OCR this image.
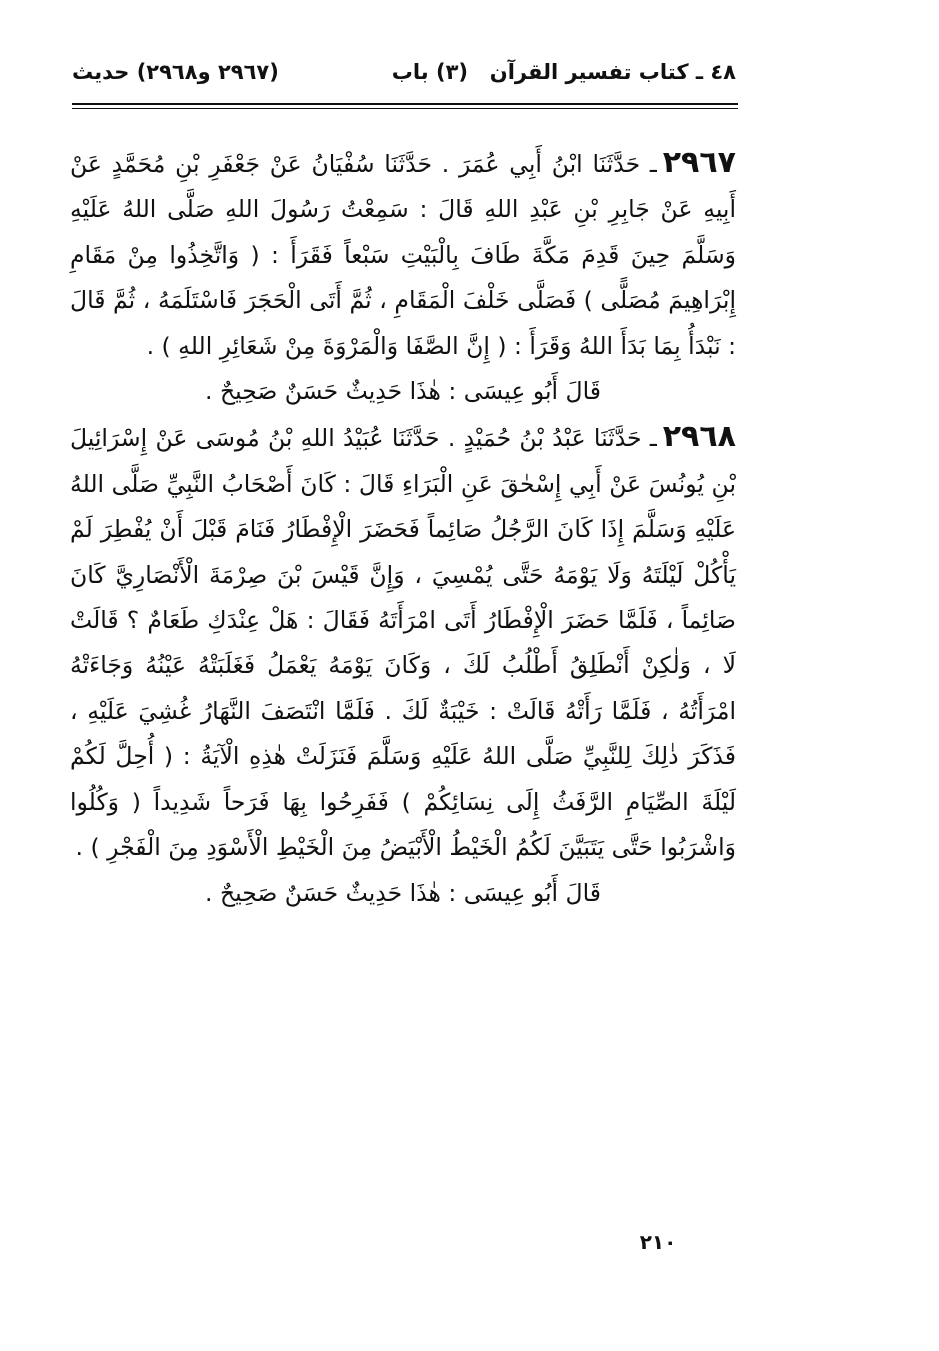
٤٨ ـ كتاب تفسير القرآن
(٣) باب
(٢٩٦٧ و٢٩٦٨) حديث

٢٩٦٧ـ حَدَّثَنَا ابْنُ أَبِي عُمَرَ . حَدَّثَنَا سُفْيَانُ عَنْ جَعْفَرِ بْنِ مُحَمَّدٍ عَنْ أَبِيهِ عَنْ جَابِرِ بْنِ عَبْدِ اللهِ قَالَ : سَمِعْتُ رَسُولَ اللهِ صَلَّى اللهُ عَلَيْهِ وَسَلَّمَ حِينَ قَدِمَ مَكَّةَ طَافَ بِالْبَيْتِ سَبْعاً فَقَرَأَ : ( وَاتَّخِذُوا مِنْ مَقَامِ إِبْرَاهِيمَ مُصَلًّى ) فَصَلَّى خَلْفَ الْمَقَامِ ، ثُمَّ أَتَى الْحَجَرَ فَاسْتَلَمَهُ ، ثُمَّ قَالَ : نَبْدَأُ بِمَا بَدَأَ اللهُ وَقَرَأَ : ( إِنَّ الصَّفَا وَالْمَرْوَةَ مِنْ شَعَائِرِ اللهِ ) .

قَالَ أَبُو عِيسَى : هٰذَا حَدِيثٌ حَسَنٌ صَحِيحٌ .

٢٩٦٨ـ حَدَّثَنَا عَبْدُ بْنُ حُمَيْدٍ . حَدَّثَنَا عُبَيْدُ اللهِ بْنُ مُوسَى عَنْ إِسْرَائِيلَ بْنِ يُونُسَ عَنْ أَبِي إِسْحٰقَ عَنِ الْبَرَاءِ قَالَ : كَانَ أَصْحَابُ النَّبِيِّ صَلَّى اللهُ عَلَيْهِ وَسَلَّمَ إِذَا كَانَ الرَّجُلُ صَائِماً فَحَضَرَ الْإِفْطَارُ فَنَامَ قَبْلَ أَنْ يُفْطِرَ لَمْ يَأْكُلْ لَيْلَتَهُ وَلَا يَوْمَهُ حَتَّى يُمْسِيَ ، وَإِنَّ قَيْسَ بْنَ صِرْمَةَ الْأَنْصَارِيَّ كَانَ صَائِماً ، فَلَمَّا حَضَرَ الْإِفْطَارُ أَتَى امْرَأَتَهُ فَقَالَ : هَلْ عِنْدَكِ طَعَامٌ ؟ قَالَتْ لَا ، وَلٰكِنْ أَنْطَلِقُ أَطْلُبُ لَكَ ، وَكَانَ يَوْمَهُ يَعْمَلُ فَغَلَبَتْهُ عَيْنُهُ وَجَاءَتْهُ امْرَأَتُهُ ، فَلَمَّا رَأَتْهُ قَالَتْ : خَيْبَةٌ لَكَ . فَلَمَّا انْتَصَفَ النَّهَارُ غُشِيَ عَلَيْهِ ، فَذَكَرَ ذٰلِكَ لِلنَّبِيِّ صَلَّى اللهُ عَلَيْهِ وَسَلَّمَ فَنَزَلَتْ هٰذِهِ الْآيَةُ : ( أُحِلَّ لَكُمْ لَيْلَةَ الصِّيَامِ الرَّفَثُ إِلَى نِسَائِكُمْ ) فَفَرِحُوا بِهَا فَرَحاً شَدِيداً ( وَكُلُوا وَاشْرَبُوا حَتَّى يَتَبَيَّنَ لَكُمُ الْخَيْطُ الْأَبْيَضُ مِنَ الْخَيْطِ الْأَسْوَدِ مِنَ الْفَجْرِ ) .

قَالَ أَبُو عِيسَى : هٰذَا حَدِيثٌ حَسَنٌ صَحِيحٌ .

٢١٠
